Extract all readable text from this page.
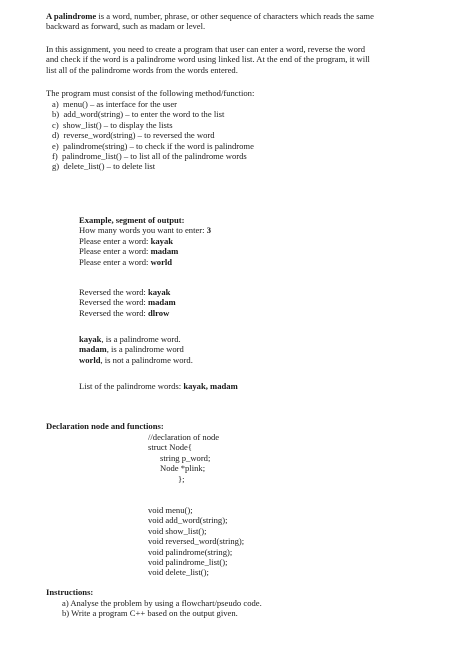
A palindrome is a word, number, phrase, or other sequence of characters which reads the same
backward as forward, such as madam or level.
In this assignment, you need to create a program that user can enter a word, reverse the word
and check if the word is a palindrome word using linked list. At the end of the program, it will
list all of the palindrome words from the words entered.
The program must consist of the following method/function:
a) menu() – as interface for the user
b) add_word(string) – to enter the word to the list
c) show_list() – to display the lists
d) reverse_word(string) – to reversed the word
e) palindrome(string) – to check if the word is palindrome
f) palindrome_list() – to list all of the palindrome words
g) delete_list() – to delete list
Example, segment of output:
How many words you want to enter: 3
Please enter a word: kayak
Please enter a word: madam
Please enter a word: world
Reversed the word: kayak
Reversed the word: madam
Reversed the word: dlrow
kayak, is a palindrome word.
madam, is a palindrome word
world, is not a palindrome word.
List of the palindrome words: kayak, madam
Declaration node and functions:
//declaration of node
struct Node{
string p_word;
Node *plink;
};
void menu();
void add_word(string);
void show_list();
void reversed_word(string);
void palindrome(string);
void palindrome_list();
void delete_list();
Instructions:
a) Analyse the problem by using a flowchart/pseudo code.
b) Write a program C++ based on the output given.
